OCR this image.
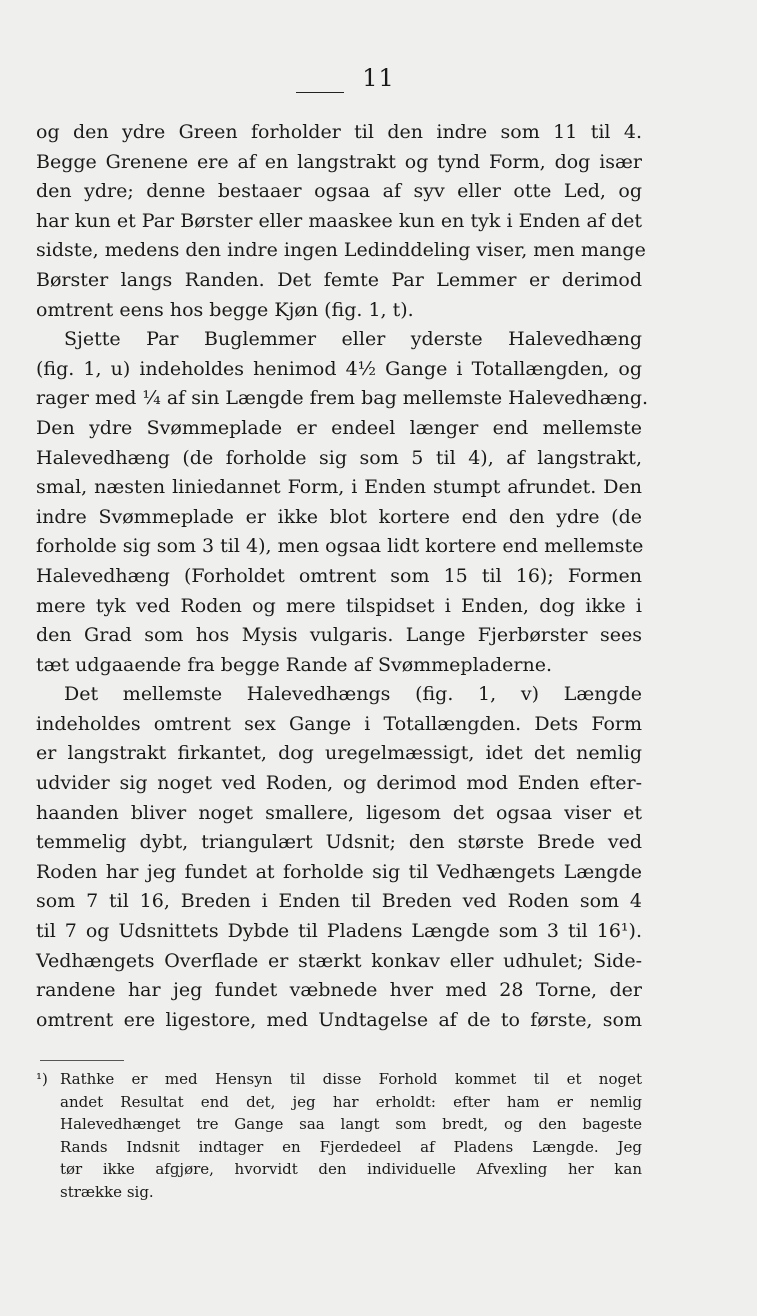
11
og den ydre Green forholder til den indre som 11 til 4.
Begge Grenene ere af en langstrakt og tynd Form, dog især
den ydre; denne bestaaer ogsaa af syv eller otte Led, og
har kun et Par Børster eller maaskee kun en tyk i Enden af det
sidste, medens den indre ingen Ledinddeling viser, men mange
Børster langs Randen. Det femte Par Lemmer er derimod
omtrent eens hos begge Kjøn (fig. 1, t).
Sjette Par Buglemmer eller yderste Halevedhæng
(fig. 1, u) indeholdes henimod 4½ Gange i Totallængden, og
rager med ¼ af sin Længde frem bag mellemste Halevedhæng.
Den ydre Svømmeplade er endeel længer end mellemste
Halevedhæng (de forholde sig som 5 til 4), af langstrakt,
smal, næsten liniedannet Form, i Enden stumpt afrundet. Den
indre Svømmeplade er ikke blot kortere end den ydre (de
forholde sig som 3 til 4), men ogsaa lidt kortere end mellemste
Halevedhæng (Forholdet omtrent som 15 til 16); Formen
mere tyk ved Roden og mere tilspidset i Enden, dog ikke i
den Grad som hos Mysis vulgaris. Lange Fjerbørster sees
tæt udgaaende fra begge Rande af Svømmepladerne.
Det mellemste Halevedhængs (fig. 1, v) Længde
indeholdes omtrent sex Gange i Totallængden. Dets Form
er langstrakt firkantet, dog uregelmæssigt, idet det nemlig
udvider sig noget ved Roden, og derimod mod Enden efter-
haanden bliver noget smallere, ligesom det ogsaa viser et
temmelig dybt, triangulært Udsnit; den største Brede ved
Roden har jeg fundet at forholde sig til Vedhængets Længde
som 7 til 16, Breden i Enden til Breden ved Roden som 4
til 7 og Udsnittets Dybde til Pladens Længde som 3 til 16¹).
Vedhængets Overflade er stærkt konkav eller udhulet; Side-
randene har jeg fundet væbnede hver med 28 Torne, der
omtrent ere ligestore, med Undtagelse af de to første, som
¹) Rathke er med Hensyn til disse Forhold kommet til et noget
andet Resultat end det, jeg har erholdt: efter ham er nemlig
Halevedhænget tre Gange saa langt som bredt, og den bageste
Rands Indsnit indtager en Fjerdedeel af Pladens Længde. Jeg
tør ikke afgjøre, hvorvidt den individuelle Afvexling her kan
strække sig.
